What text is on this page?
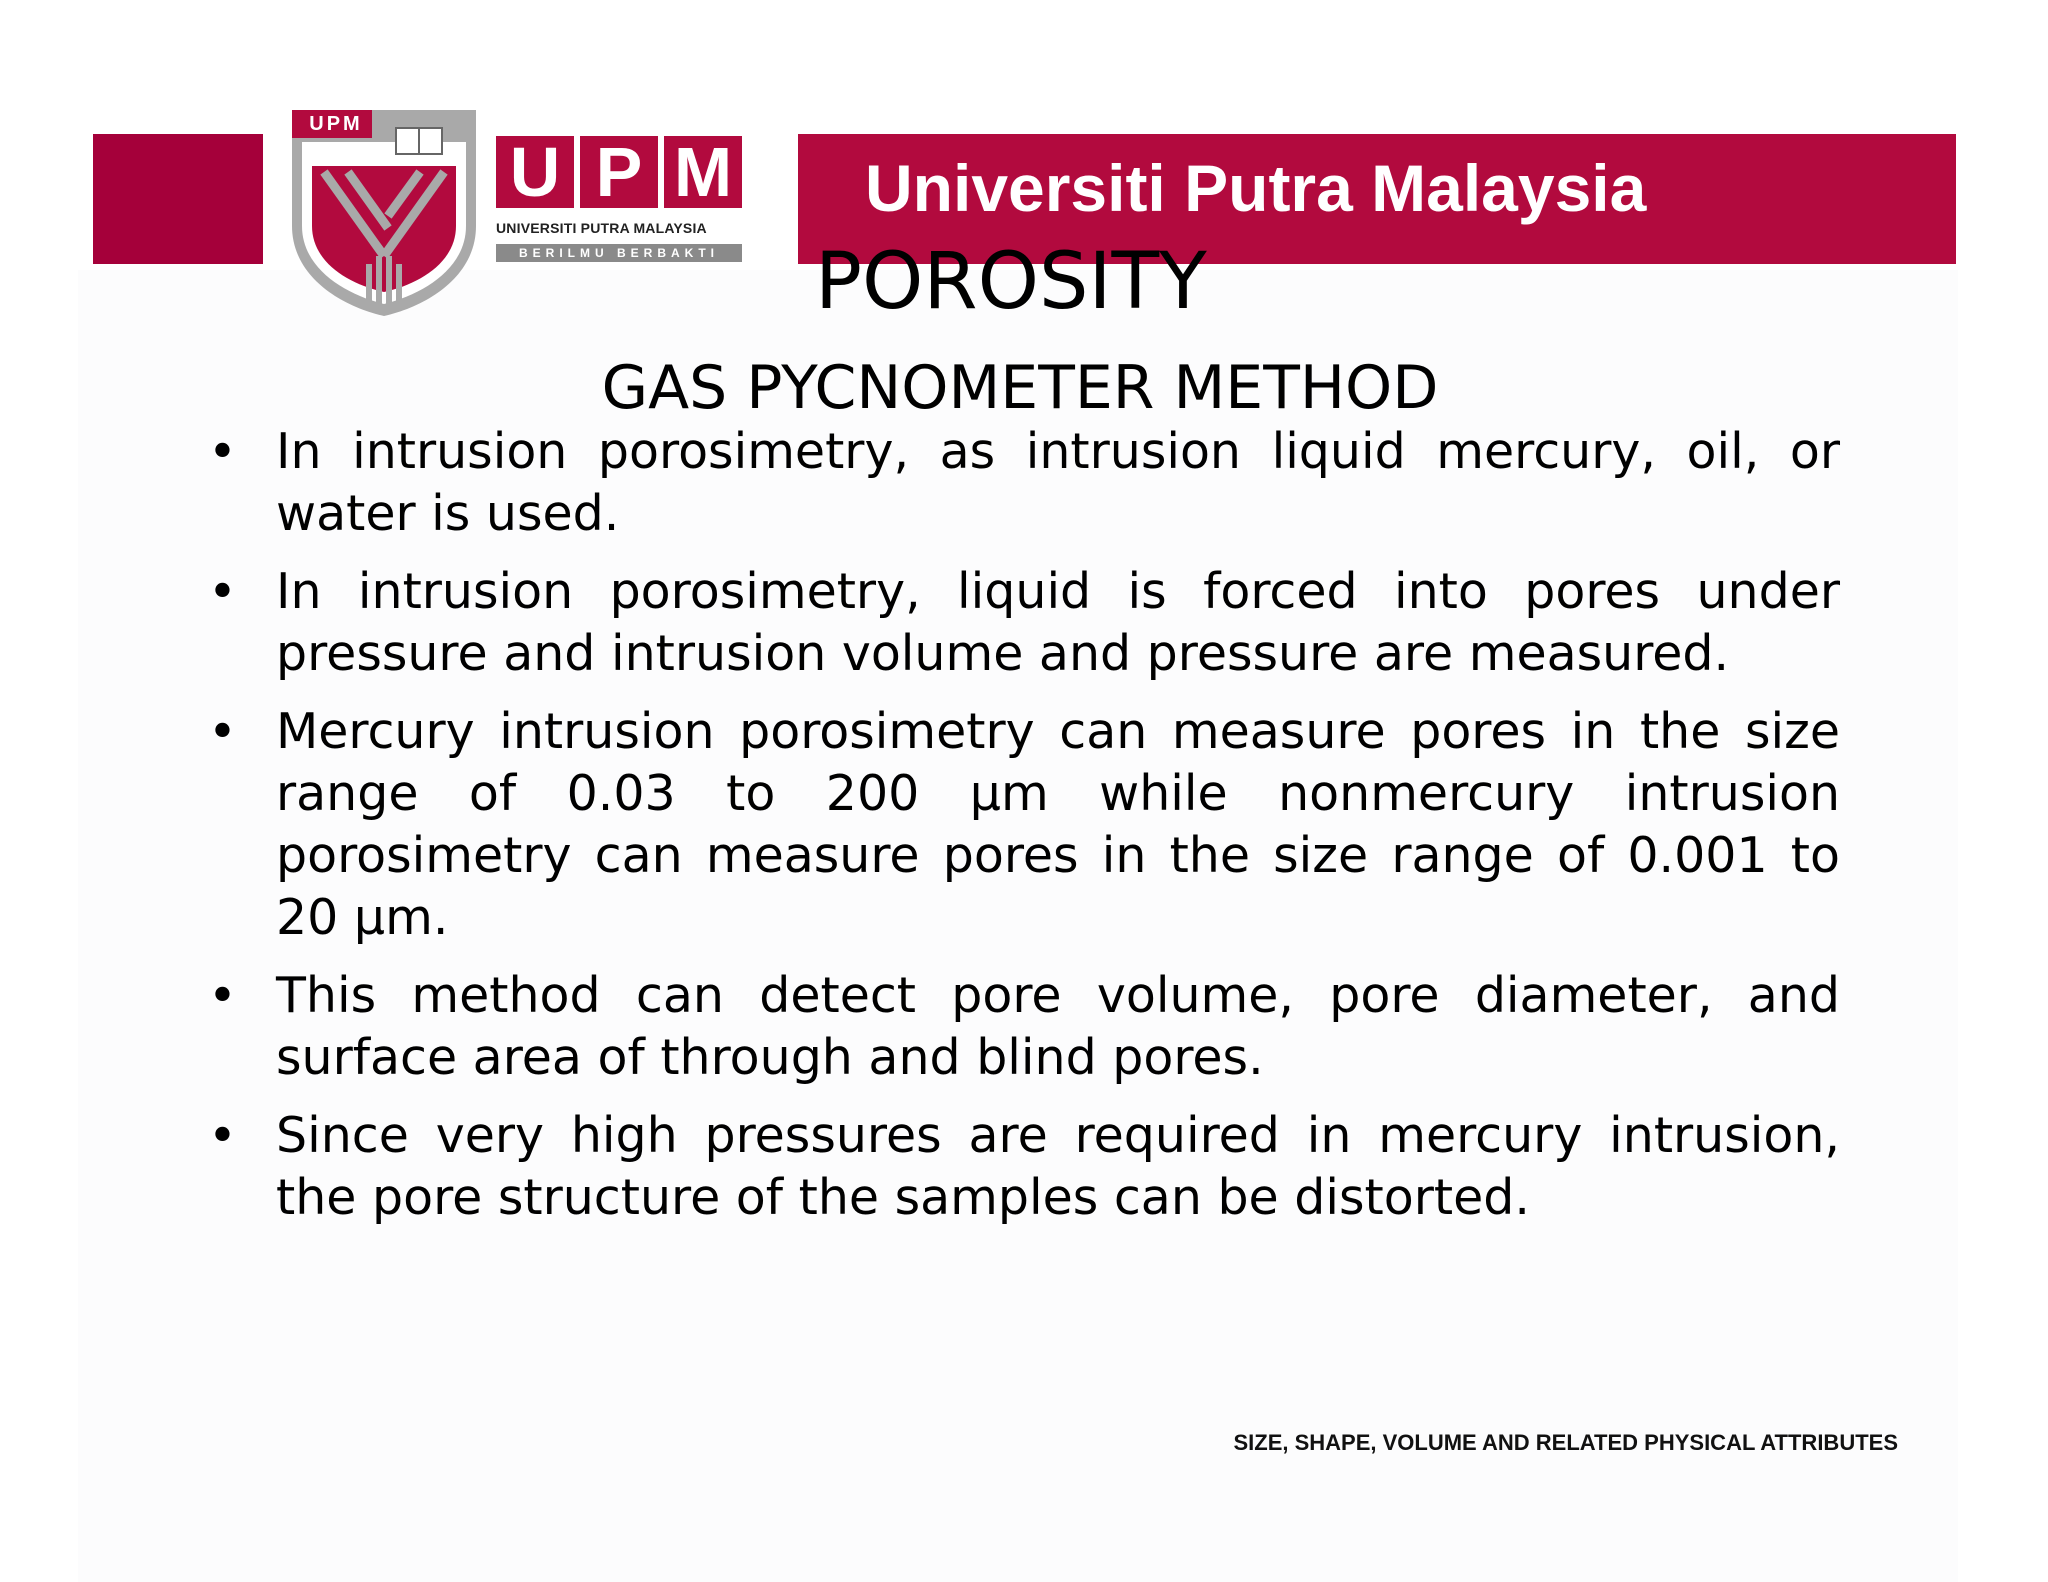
Universiti Putra Malaysia
UPM
U P M
UNIVERSITI PUTRA MALAYSIA
BERILMU BERBAKTI POROSITY
GAS PYCNOMETER METHOD
• In intrusion porosimetry, as intrusion liquid mercury, oil, or water is used.
• In intrusion porosimetry, liquid is forced into pores under pressure and intrusion volume and pressure are measured.
• Mercury intrusion porosimetry can measure pores in the size range of 0.03 to 200 µm while nonmercury intrusion porosimetry can measure pores in the size range of 0.001 to 20 µm.
• This method can detect pore volume, pore diameter, and surface area of through and blind pores.
• Since very high pressures are required in mercury intrusion, the pore structure of the samples can be distorted.
SIZE, SHAPE, VOLUME AND RELATED PHYSICAL ATTRIBUTES
